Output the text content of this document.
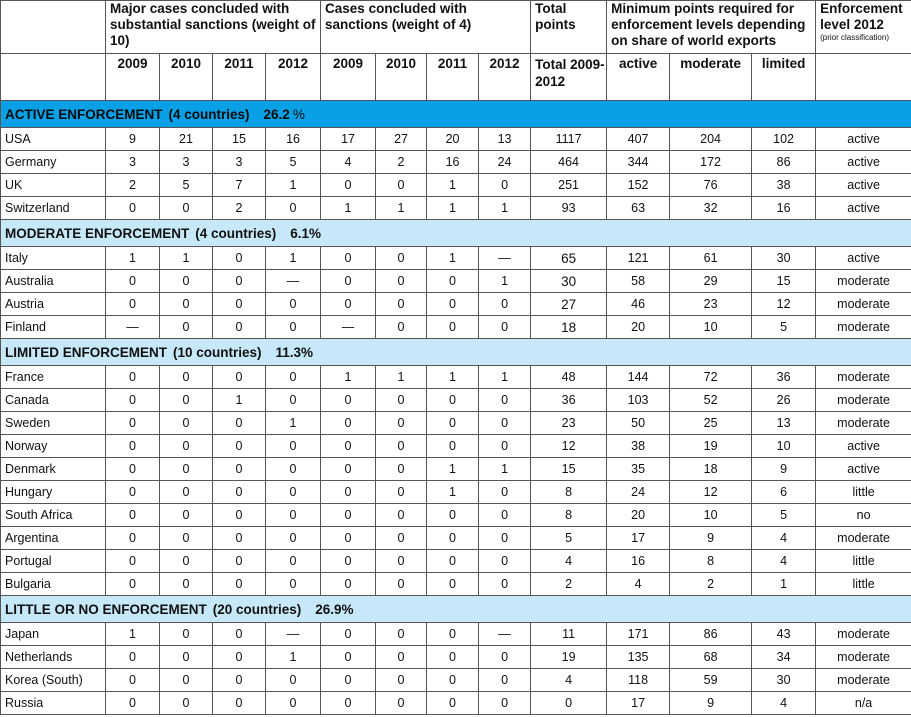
	Major cases concluded with substantial sanctions (weight of 10)				Cases concluded with sanctions (weight of 4)				Total points	Minimum points required for enforcement levels depending on share of world exports			Enforcement level 2012
(prior classification)

	2009	2010	2011	2012	2009	2010	2011	2012	Total 2009-2012	active	moderate	limited	
ACTIVE ENFORCEMENT (4 countries) 26.2 %													
USA	9	21	15	16	17	27	20	13	1117	407	204	102	active
Germany	3	3	3	5	4	2	16	24	464	344	172	86	active
UK	2	5	7	1	0	0	1	0	251	152	76	38	active
Switzerland	0	0	2	0	1	1	1	1	93	63	32	16	active
MODERATE ENFORCEMENT (4 countries) 6.1%													
Italy	1	1	0	1	0	0	1	—	65	121	61	30	active
Australia	0	0	0	—	0	0	0	1	30	58	29	15	moderate
Austria	0	0	0	0	0	0	0	0	27	46	23	12	moderate
Finland	—	0	0	0	—	0	0	0	18	20	10	5	moderate
LIMITED ENFORCEMENT (10 countries) 11.3%													
France	0	0	0	0	1	1	1	1	48	144	72	36	moderate
Canada	0	0	1	0	0	0	0	0	36	103	52	26	moderate
Sweden	0	0	0	1	0	0	0	0	23	50	25	13	moderate
Norway	0	0	0	0	0	0	0	0	12	38	19	10	active
Denmark	0	0	0	0	0	0	1	1	15	35	18	9	active
Hungary	0	0	0	0	0	0	1	0	8	24	12	6	little
South Africa	0	0	0	0	0	0	0	0	8	20	10	5	no
Argentina	0	0	0	0	0	0	0	0	5	17	9	4	moderate
Portugal	0	0	0	0	0	0	0	0	4	16	8	4	little
Bulgaria	0	0	0	0	0	0	0	0	2	4	2	1	little
LITTLE OR NO ENFORCEMENT (20 countries) 26.9%													
Japan	1	0	0	—	0	0	0	—	11	171	86	43	moderate
Netherlands	0	0	0	1	0	0	0	0	19	135	68	34	moderate
Korea (South)	0	0	0	0	0	0	0	0	4	118	59	30	moderate
Russia	0	0	0	0	0	0	0	0	0	17	9	4	n/a
